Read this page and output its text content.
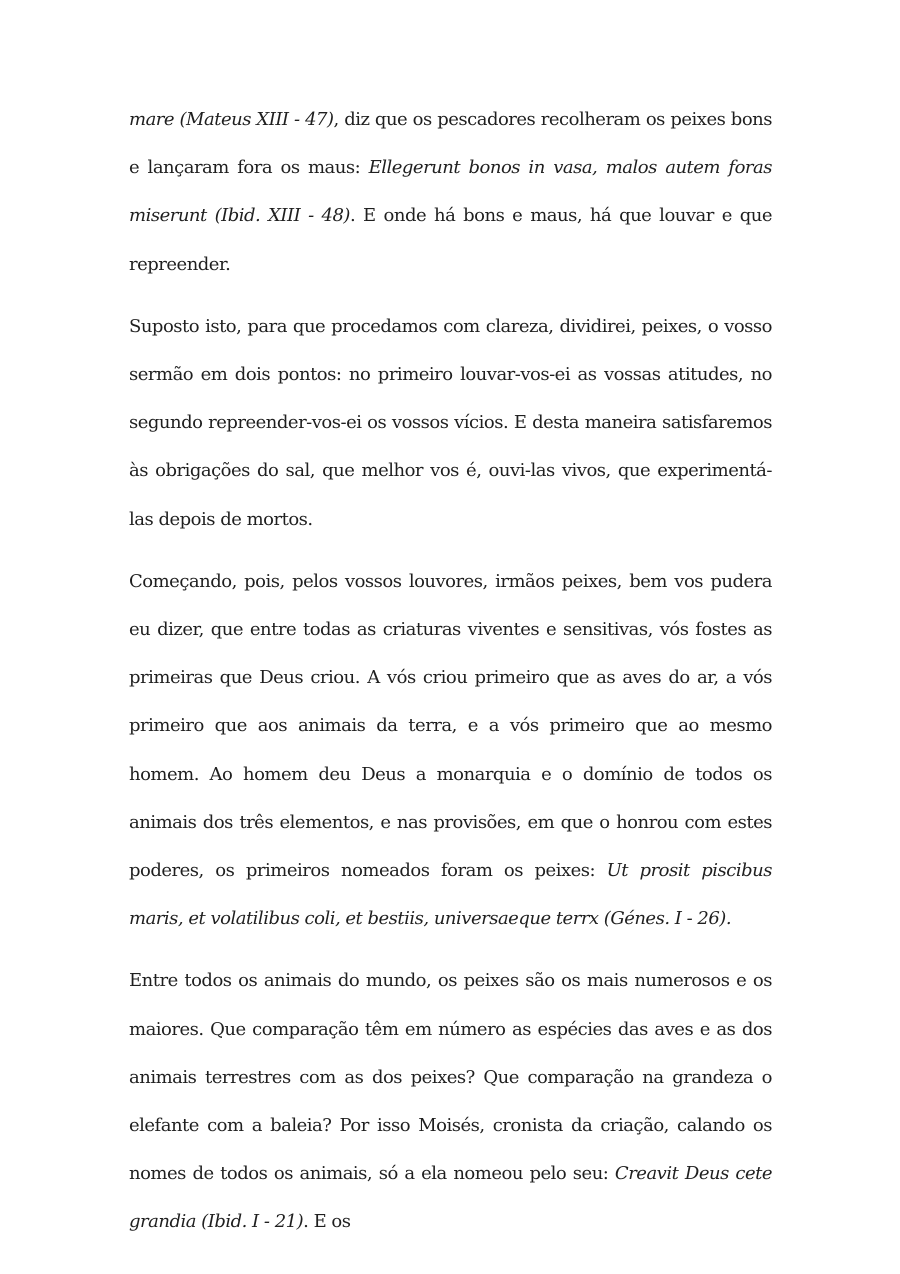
mare (Mateus XIII - 47), diz que os pescadores recolheram os peixes bons e lançaram fora os maus: Ellegerunt bonos in vasa, malos autem foras miserunt (Ibid. XIII - 48). E onde há bons e maus, há que louvar e que repreender.

Suposto isto, para que procedamos com clareza, dividirei, peixes, o vosso sermão em dois pontos: no primeiro louvar-vos-ei as vossas atitudes, no segundo repreender-vos-ei os vossos vícios. E desta maneira satisfaremos às obrigações do sal, que melhor vos é, ouvi-las vivos, que experimentá-las depois de mortos.

Começando, pois, pelos vossos louvores, irmãos peixes, bem vos pudera eu dizer, que entre todas as criaturas viventes e sensitivas, vós fostes as primeiras que Deus criou. A vós criou primeiro que as aves do ar, a vós primeiro que aos animais da terra, e a vós primeiro que ao mesmo homem. Ao homem deu Deus a monarquia e o domínio de todos os animais dos três elementos, e nas provisões, em que o honrou com estes poderes, os primeiros nomeados foram os peixes: Ut prosit piscibus maris, et volatilibus coli, et bestiis, universaeque terrx (Génes. I - 26).

Entre todos os animais do mundo, os peixes são os mais numerosos e os maiores. Que comparação têm em número as espécies das aves e as dos animais terrestres com as dos peixes? Que comparação na grandeza o elefante com a baleia? Por isso Moisés, cronista da criação, calando os nomes de todos os animais, só a ela nomeou pelo seu: Creavit Deus cete grandia (Ibid. I - 21). E os
